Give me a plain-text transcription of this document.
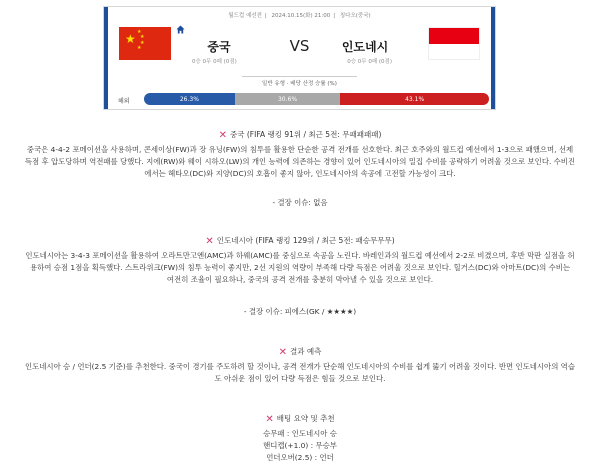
월드컵 예선전 | 2024.10.15(화) 21:00 | 칭다오(중국)
★ ★
★
★
★	중국	VS	인도네시
0승 0무 0패 (0점)	0승 0무 0패 (0점)
일반 유형 · 배당 산정 승률 (%)
해외	26.3%	30.6%	43.1%

✕ 중국 (FIFA 랭킹 91위 / 최근 5전: 무패패패패)

중국은 4-4-2 포메이션을 사용하며, 콘세이상(FW)과 장 유닝(FW)의 침투를 활용한 단순한 공격 전개를 선호한다. 최근 호주와의 월드컵 예선에서 1-3으로 패했으며, 선제

득점 후 압도당하며 역전패를 당했다. 지에(RW)와 웨이 시하오(LW)의 개인 능력에 의존하는 경향이 있어 인도네시아의 밀집 수비를 공략하기 어려울 것으로 보인다. 수비진

에서는 헤타오(DC)와 지양(DC)의 호흡이 좋지 않아, 인도네시아의 속공에 고전할 가능성이 크다.

- 결장 이슈: 없음

✕ 인도네시아 (FIFA 랭킹 129위 / 최근 5전: 패승무무무)

인도네시아는 3-4-3 포메이션을 활용하여 오라트만고엔(AMC)과 하웨(AMC)를 중심으로 속공을 노린다. 바레인과의 월드컵 예선에서 2-2로 비겼으며, 후반 막판 실점을 허

용하여 승점 1점을 획득했다. 스트라위크(FW)의 침투 능력이 좋지만, 2선 지원의 역량이 부족해 다량 득점은 어려울 것으로 보인다. 힐거스(DC)와 아마트(DC)의 수비는

여전히 조율이 필요하나, 중국의 공격 전개를 충분히 막아낼 수 있을 것으로 보인다.

- 결장 이슈: 피에스(GK / ★★★★)

✕ 결과 예측

인도네시아 승 / 언더(2.5 기준)를 추천한다. 중국이 경기를 주도하려 할 것이나, 공격 전개가 단순해 인도네시아의 수비를 쉽게 뚫기 어려울 것이다. 반면 인도네시아의 역습

도 아쉬운 점이 있어 다량 득점은 힘들 것으로 보인다.

✕ 배팅 요약 및 추천

승무패 : 인도네시아 승

핸디캡(+1.0) : 무승부

언더오버(2.5) : 언더
